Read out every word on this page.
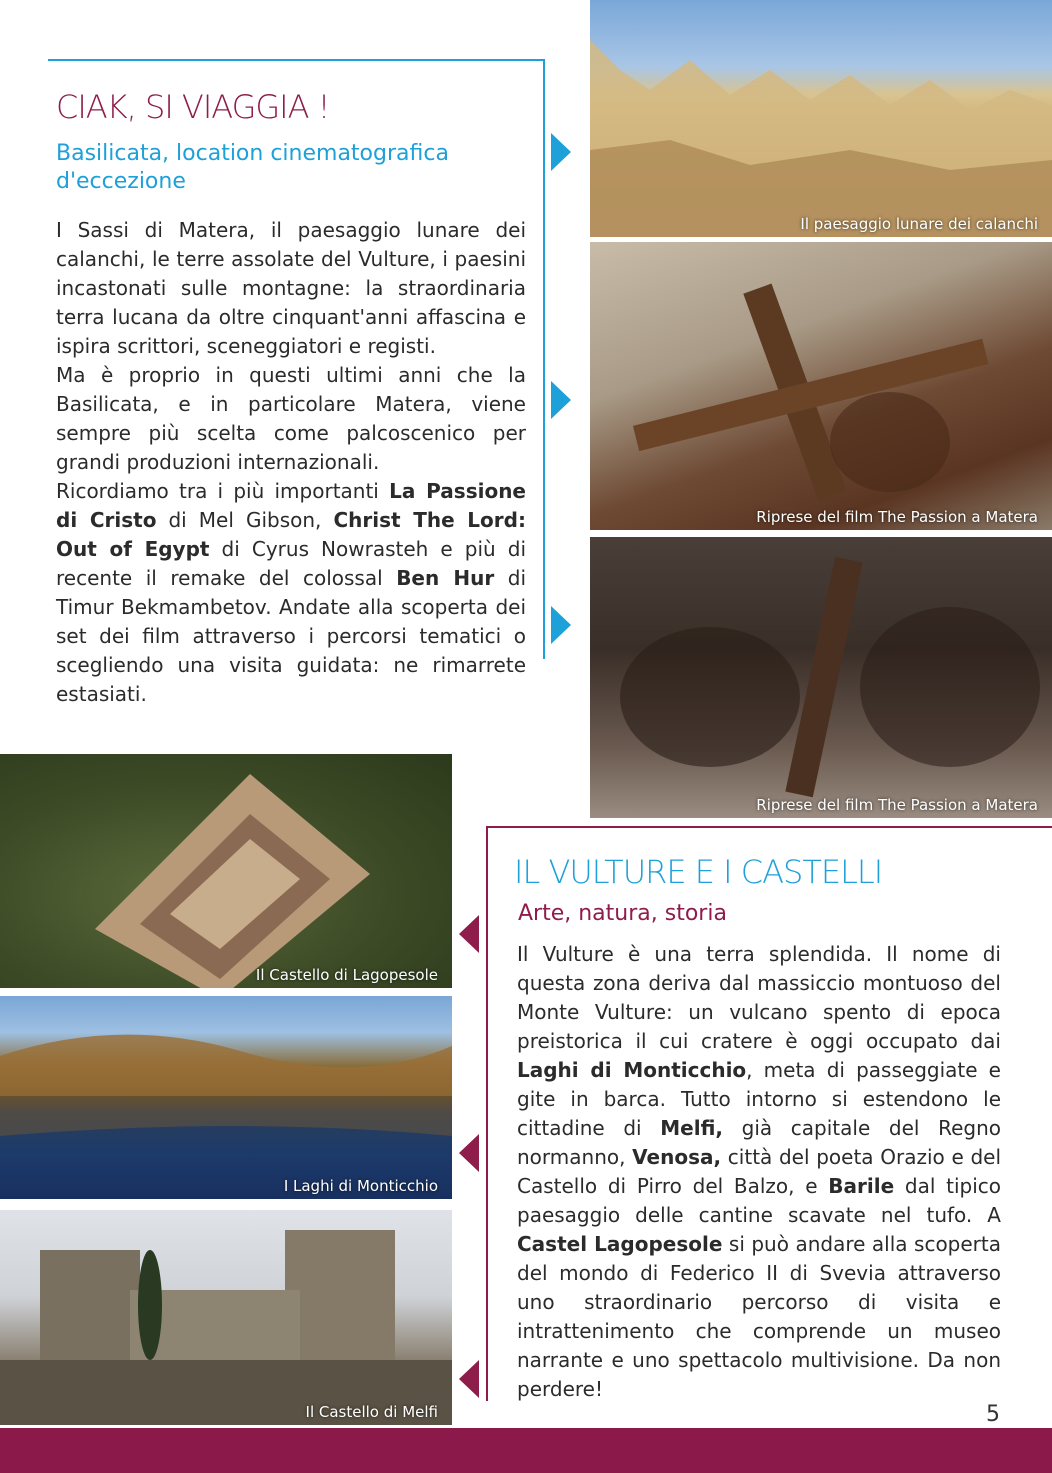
CIAK, SI VIAGGIA !
Basilicata, location cinematografica
d'eccezione
I Sassi di Matera, il paesaggio lunare dei calanchi, le terre assolate del Vulture, i paesini incastonati sulle montagne: la straordinaria terra lucana da oltre cinquant'anni affascina e ispira scrittori, sceneggiatori e registi.
Ma è proprio in questi ultimi anni che la Basilicata, e in particolare Matera, viene sempre più scelta come palcoscenico per grandi produzioni internazionali.
Ricordiamo tra i più importanti La Passione di Cristo di Mel Gibson, Christ The Lord: Out of Egypt di Cyrus Nowrasteh e più di recente il remake del colossal Ben Hur di Timur Bekmambetov. Andate alla scoperta dei set dei film attraverso i percorsi tematici o scegliendo una visita guidata: ne rimarrete estasiati.
Il paesaggio lunare dei calanchi
Riprese del film The Passion a Matera
Riprese del film The Passion a Matera
IL VULTURE E I CASTELLI
Arte, natura, storia
Il Vulture è una terra splendida. Il nome di questa zona deriva dal massiccio montuoso del Monte Vulture: un vulcano spento di epoca preistorica il cui cratere è oggi occupato dai Laghi di Monticchio, meta di passeggiate e gite in barca. Tutto intorno si estendono le cittadine di Melfi, già capitale del Regno normanno, Venosa, città del poeta Orazio e del Castello di Pirro del Balzo, e Barile dal tipico paesaggio delle cantine scavate nel tufo. A Castel Lagopesole si può andare alla scoperta del mondo di Federico II di Svevia attraverso uno straordinario percorso di visita e intrattenimento che comprende un museo narrante e uno spettacolo multivisione. Da non perdere!
Il Castello di Lagopesole
I Laghi di Monticchio
Il Castello di Melfi	5
